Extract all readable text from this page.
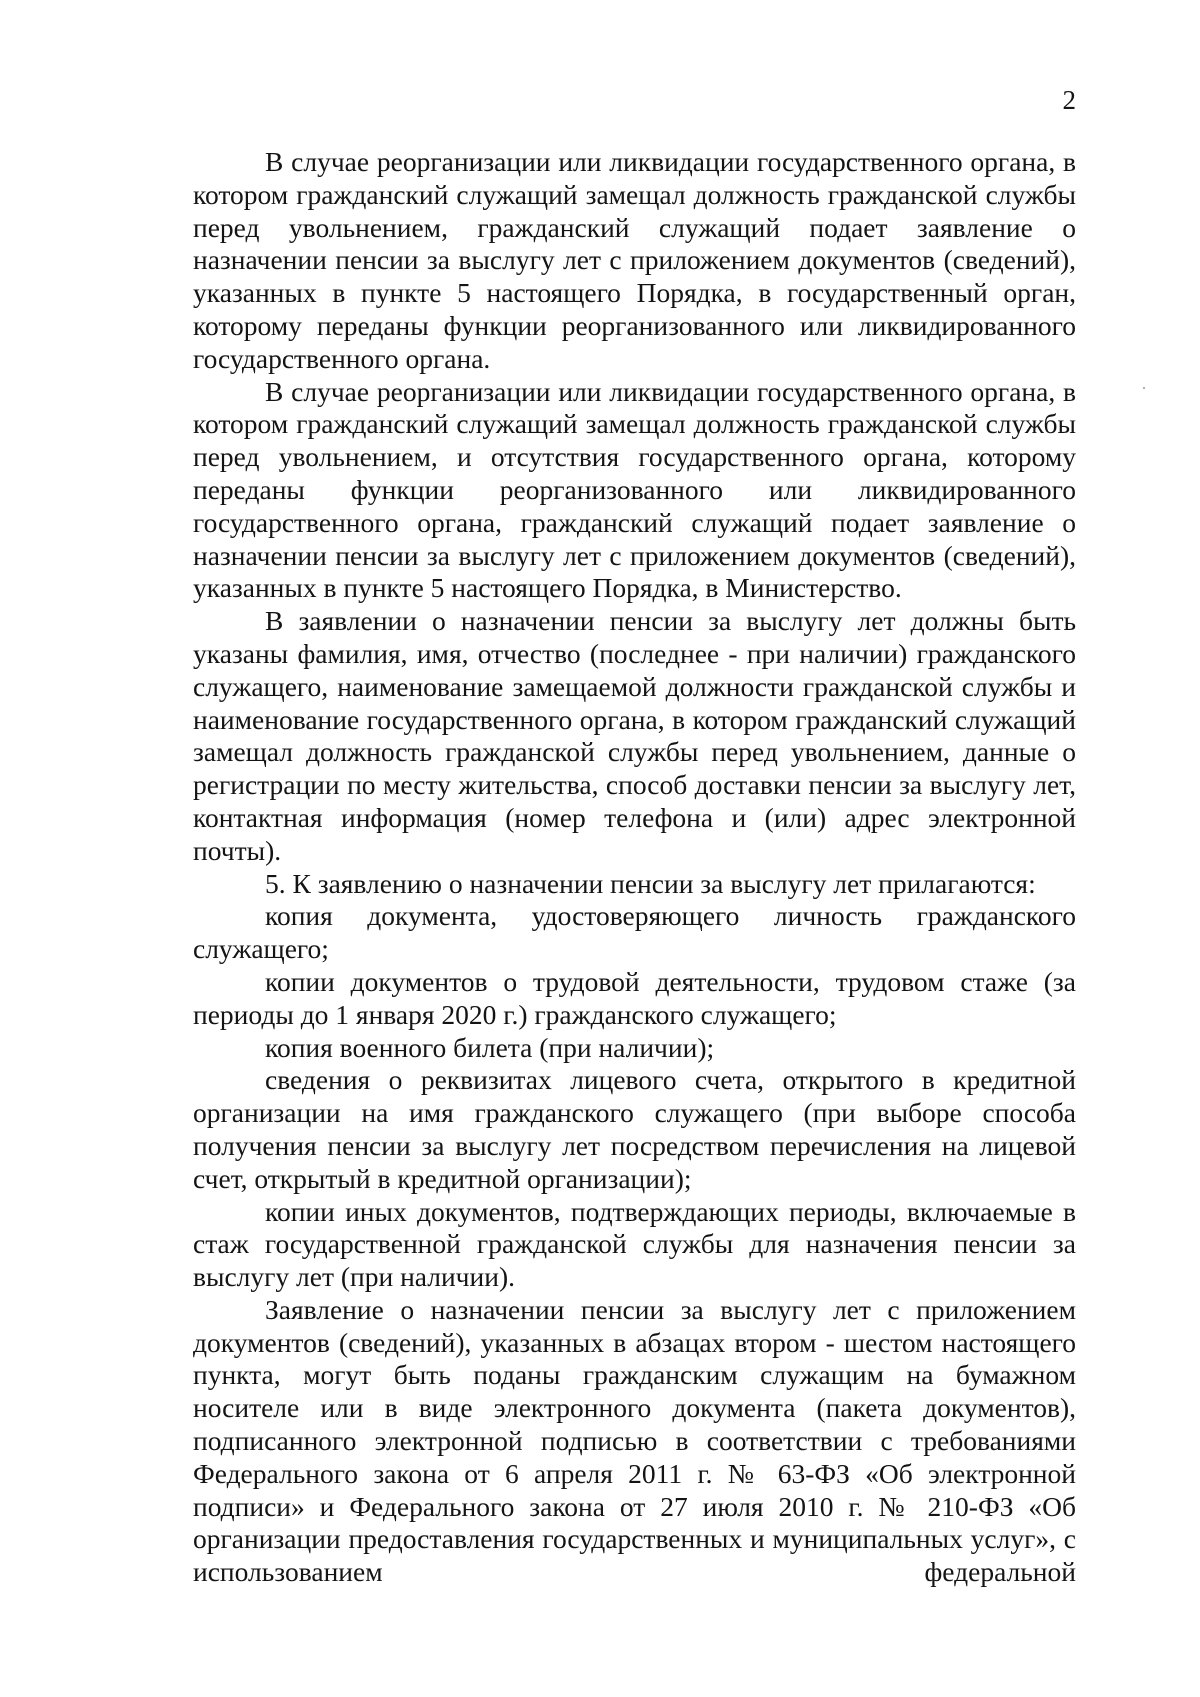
2

В случае реорганизации или ликвидации государственного органа, в котором гражданский служащий замещал должность гражданской службы перед увольнением, гражданский служащий подает заявление о назначении пенсии за выслугу лет с приложением документов (сведений), указанных в пункте 5 настоящего Порядка, в государственный орган, которому переданы функции реорганизованного или ликвидированного государственного органа.

В случае реорганизации или ликвидации государственного органа, в котором гражданский служащий замещал должность гражданской службы перед увольнением, и отсутствия государственного органа, которому переданы функции реорганизованного или ликвидированного государственного органа, гражданский служащий подает заявление о назначении пенсии за выслугу лет с приложением документов (сведений), указанных в пункте 5 настоящего Порядка, в Министерство.

В заявлении о назначении пенсии за выслугу лет должны быть указаны фамилия, имя, отчество (последнее - при наличии) гражданского служащего, наименование замещаемой должности гражданской службы и наименование государственного органа, в котором гражданский служащий замещал должность гражданской службы перед увольнением, данные о регистрации по месту жительства, способ доставки пенсии за выслугу лет, контактная информация (номер телефона и (или) адрес электронной почты).

5. К заявлению о назначении пенсии за выслугу лет прилагаются:

копия документа, удостоверяющего личность гражданского служащего;

копии документов о трудовой деятельности, трудовом стаже (за периоды до 1 января 2020 г.) гражданского служащего;

копия военного билета (при наличии);

сведения о реквизитах лицевого счета, открытого в кредитной организации на имя гражданского служащего (при выборе способа получения пенсии за выслугу лет посредством перечисления на лицевой счет, открытый в кредитной организации);

копии иных документов, подтверждающих периоды, включаемые в стаж государственной гражданской службы для назначения пенсии за выслугу лет (при наличии).

Заявление о назначении пенсии за выслугу лет с приложением документов (сведений), указанных в абзацах втором - шестом настоящего пункта, могут быть поданы гражданским служащим на бумажном носителе или в виде электронного документа (пакета документов), подписанного электронной подписью в соответствии с требованиями Федерального закона от 6 апреля 2011 г. № 63-ФЗ «Об электронной подписи» и Федерального закона от 27 июля 2010 г. № 210-ФЗ «Об организации предоставления государственных и муниципальных услуг», с использованием федеральной
